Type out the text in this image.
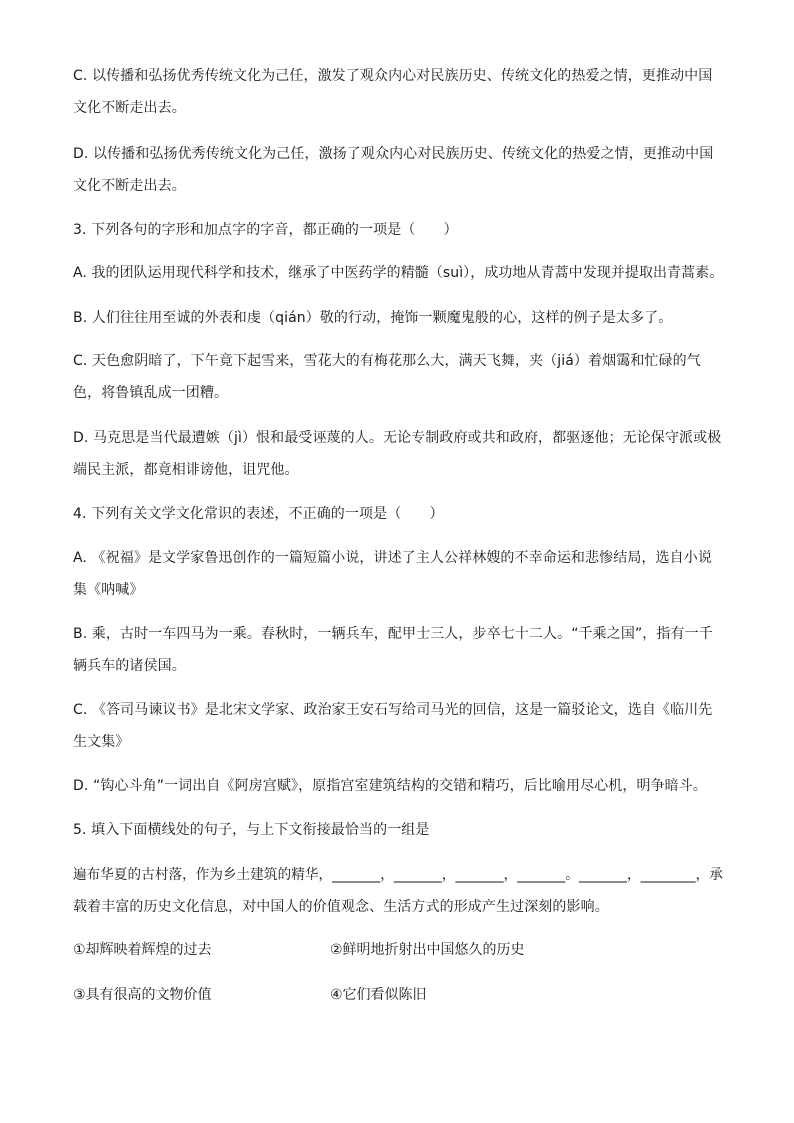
C. 以传播和弘扬优秀传统文化为己任，激发了观众内心对民族历史、传统文化的热爱之情，更推动中国
文化不断走出去。
D. 以传播和弘扬优秀传统文化为己任，激扬了观众内心对民族历史、传统文化的热爱之情，更推动中国
文化不断走出去。
3. 下列各句的字形和加点字的字音，都正确的一项是（　　）
A. 我的团队运用现代科学和技术，继承了中医药学的精髓（suì），成功地从青蒿中发现并提取出青蒿素。
B. 人们往往用至诚的外表和虔（qián）敬的行动，掩饰一颗魔鬼般的心，这样的例子是太多了。
C. 天色愈阴暗了，下午竟下起雪来，雪花大的有梅花那么大，满天飞舞，夹（jiá）着烟霭和忙碌的气
色，将鲁镇乱成一团糟。
D. 马克思是当代最遭嫉（jì）恨和最受诬蔑的人。无论专制政府或共和政府，都驱逐他；无论保守派或极
端民主派，都竟相诽谤他，诅咒他。
4. 下列有关文学文化常识的表述，不正确的一项是（　　）
A. 《祝福》是文学家鲁迅创作的一篇短篇小说，讲述了主人公祥林嫂的不幸命运和悲惨结局，选自小说
集《呐喊》
B. 乘，古时一车四马为一乘。春秋时，一辆兵车，配甲士三人，步卒七十二人。“千乘之国”，指有一千
辆兵车的诸侯国。
C. 《答司马谏议书》是北宋文学家、政治家王安石写给司马光的回信，这是一篇驳论文，选自《临川先
生文集》
D. “钩心斗角”一词出自《阿房宫赋》，原指宫室建筑结构的交错和精巧，后比喻用尽心机，明争暗斗。
5. 填入下面横线处的句子，与上下文衔接最恰当的一组是
遍布华夏的古村落，作为乡土建筑的精华，_______，_______，_______，_______。_______，________，承
载着丰富的历史文化信息，对中国人的价值观念、生活方式的形成产生过深刻的影响。
①却辉映着辉煌的过去	②鲜明地折射出中国悠久的历史
③具有很高的文物价值	④它们看似陈旧
